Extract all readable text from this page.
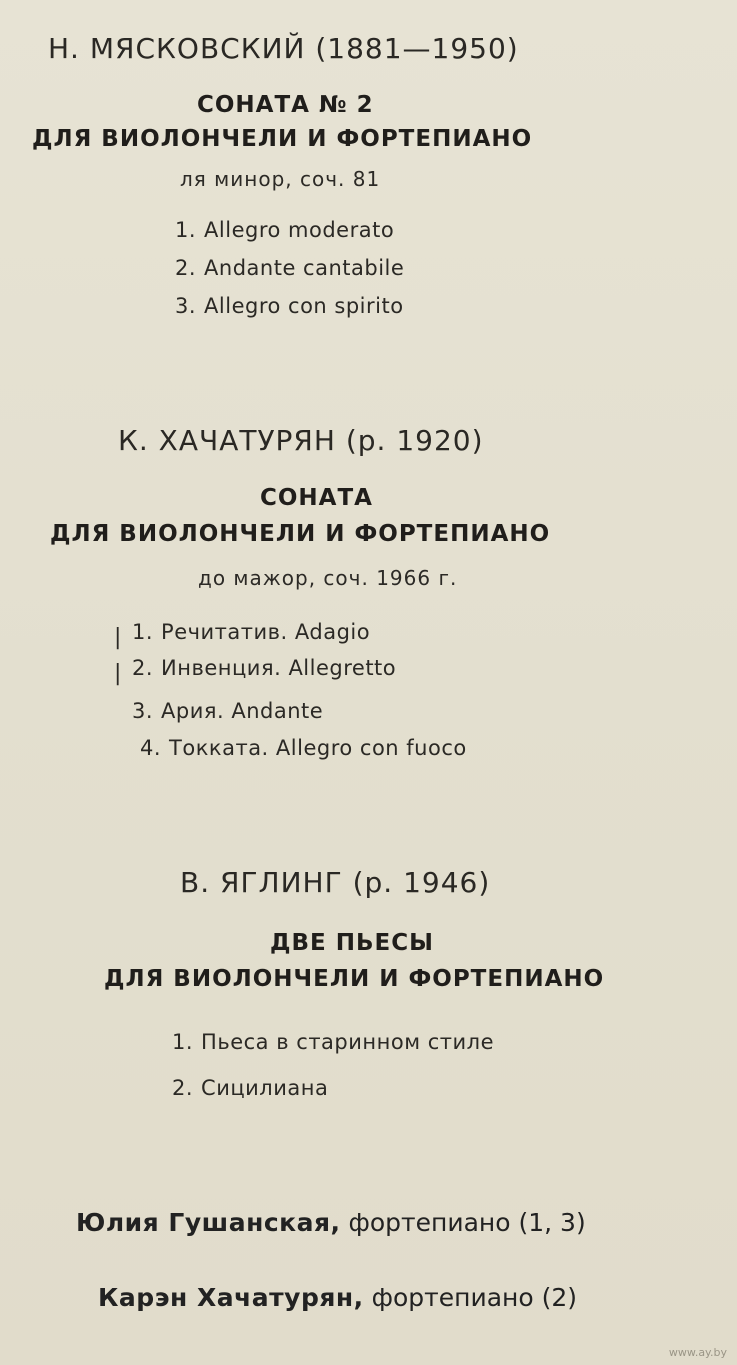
Н. МЯСКОВСКИЙ (1881—1950)
СОНАТА № 2
ДЛЯ ВИОЛОНЧЕЛИ И ФОРТЕПИАНО
ля минор, соч. 81
1. Allegro moderato
2. Andante cantabile
3. Allegro con spirito
К. ХАЧАТУРЯН (р. 1920)
СОНАТА
ДЛЯ ВИОЛОНЧЕЛИ И ФОРТЕПИАНО
до мажор, соч. 1966 г.
|
|
1. Речитатив. Adagio
2. Инвенция. Allegretto
3. Ария. Andante
4. Токката. Allegro con fuoco
В. ЯГЛИНГ (р. 1946)
ДВЕ ПЬЕСЫ
ДЛЯ ВИОЛОНЧЕЛИ И ФОРТЕПИАНО
1. Пьеса в старинном стиле
2. Сицилиана
Юлия Гушанская, фортепиано (1, 3)
Карэн Хачатурян, фортепиано (2)
www.ay.by
